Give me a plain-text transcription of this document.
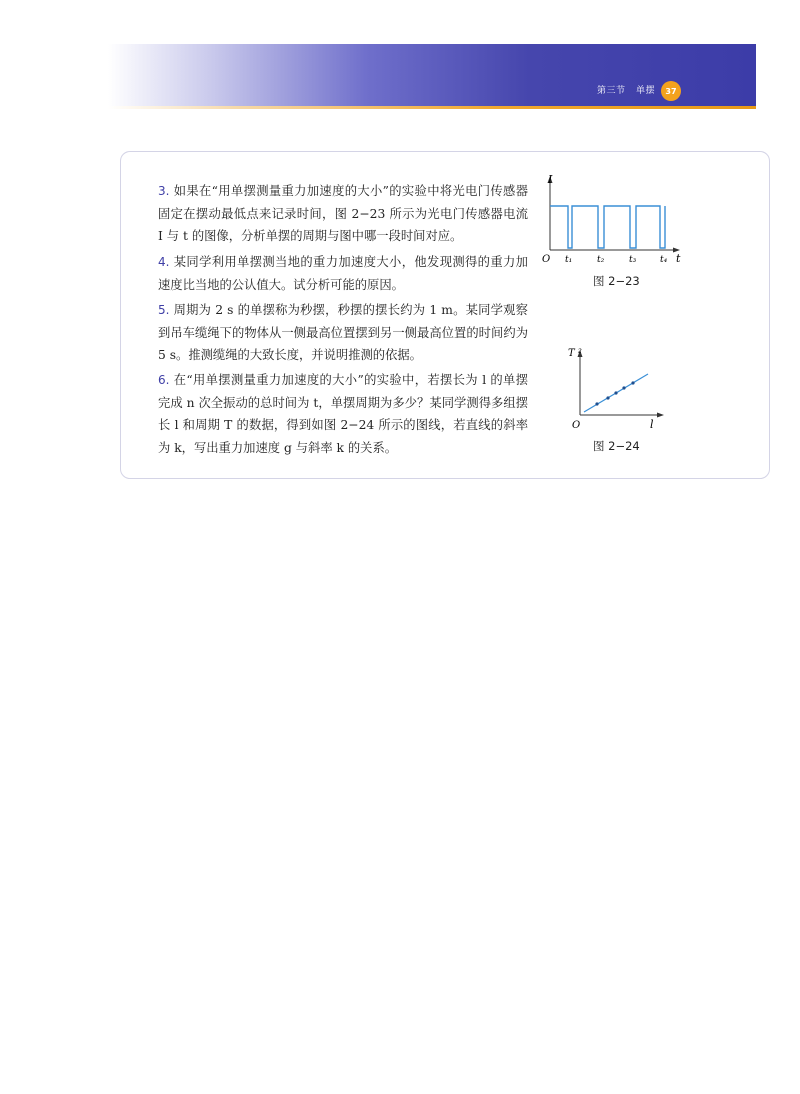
第三节 单摆	37
3. 如果在“用单摆测量重力加速度的大小”的实验中将光电门传感器固定在摆动最低点来记录时间，图 2−23 所示为光电门传感器电流 I 与 t 的图像，分析单摆的周期与图中哪一段时间对应。
4. 某同学利用单摆测当地的重力加速度大小，他发现测得的重力加速度比当地的公认值大。试分析可能的原因。
5. 周期为 2 s 的单摆称为秒摆，秒摆的摆长约为 1 m。某同学观察到吊车缆绳下的物体从一侧最高位置摆到另一侧最高位置的时间约为 5 s。推测缆绳的大致长度，并说明推测的依据。
6. 在“用单摆测量重力加速度的大小”的实验中，若摆长为 l 的单摆完成 n 次全振动的总时间为 t，单摆周期为多少？某同学测得多组摆长 l 和周期 T 的数据，得到如图 2−24 所示的图线，若直线的斜率为 k，写出重力加速度 g 与斜率 k 的关系。
I
t
O t₁	t₂	t₃	t₄
图 2−23
T ²
l
O
图 2−24
